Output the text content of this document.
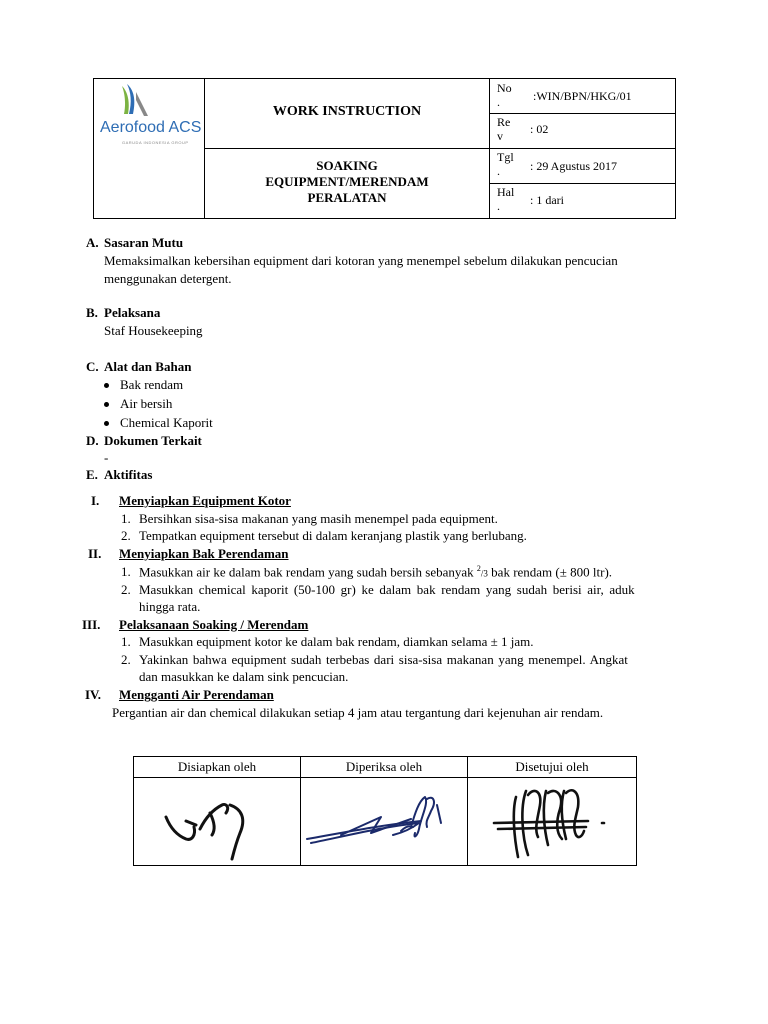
Aerofood ACS
GARUDA INDONESIA GROUP
WORK INSTRUCTION
SOAKING
EQUIPMENT/MERENDAM
PERALATAN
No
.	:WIN/BPN/HKG/01
Re
v	: 02
Tgl
.	: 29 Agustus 2017
Hal
.	: 1 dari
A. Sasaran Mutu
Memaksimalkan kebersihan equipment dari kotoran yang menempel sebelum dilakukan pencucian
menggunakan detergent.
B. Pelaksana
Staf Housekeeping
C. Alat dan Bahan
Bak rendam
Air bersih
Chemical Kaporit
D. Dokumen Terkait
-
E. Aktifitas
I. Menyiapkan Equipment Kotor
1. Bersihkan sisa-sisa makanan yang masih menempel pada equipment.
2. Tempatkan equipment tersebut di dalam keranjang plastik yang berlubang.
II. Menyiapkan Bak Perendaman
1. Masukkan air ke dalam bak rendam yang sudah bersih sebanyak $^2$/3 bak rendam (± 800 ltr).
2. Masukkan chemical kaporit (50-100 gr) ke dalam bak rendam yang sudah berisi air, aduk
hingga rata.
III. Pelaksanaan Soaking / Merendam
1. Masukkan equipment kotor ke dalam bak rendam, diamkan selama ± 1 jam.
2. Yakinkan bahwa equipment sudah terbebas dari sisa-sisa makanan yang menempel. Angkat
dan masukkan ke dalam sink pencucian.
IV. Mengganti Air Perendaman
Pergantian air dan chemical dilakukan setiap 4 jam atau tergantung dari kejenuhan air rendam.
Disiapkan oleh	Diperiksa oleh	Disetujui oleh
